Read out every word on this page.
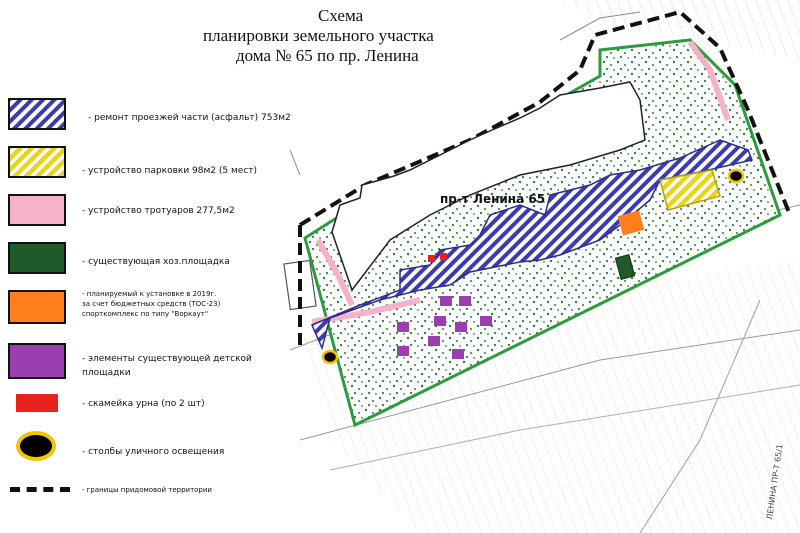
пр-т Ленина 65
ЛЕНИНА ПР-Т 65/1
Схема
планировки земельного участка
дома № 65 по пр. Ленина
- ремонт проезжей части (асфальт) 753м2
- устройство парковки 98м2 (5 мест)
- устройство тротуаров 277,5м2
- существующая хоз.площадка
- планируемый к установке в 2019г.
за счет бюджетных средств (ТОС-23)
спорткомплекс по типу "Воркаут"
- элементы существующей детской
площадки
- скамейка урна (по 2 шт)
- столбы уличного освещения
- границы придомовой территории
